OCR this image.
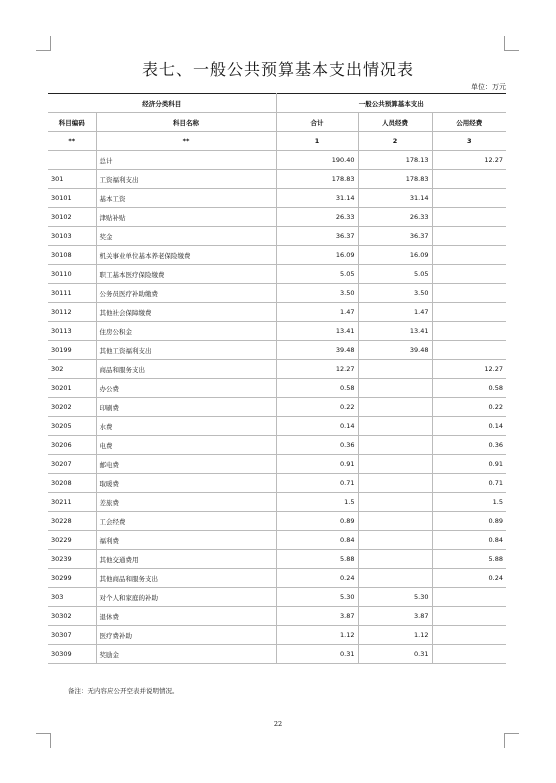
表七、一般公共预算基本支出情况表
单位：万元
经济分类科目		一般公共预算基本支出		
科目编码	科目名称	合计	人员经费	公用经费
**	**	1	2	3
	总计	190.40	178.13	12.27
301	工资福利支出	178.83	178.83	
30101	基本工资	31.14	31.14	
30102	津贴补贴	26.33	26.33	
30103	奖金	36.37	36.37	
30108	机关事业单位基本养老保险缴费	16.09	16.09	
30110	职工基本医疗保险缴费	5.05	5.05	
30111	公务员医疗补助缴费	3.50	3.50	
30112	其他社会保障缴费	1.47	1.47	
30113	住房公积金	13.41	13.41	
30199	其他工资福利支出	39.48	39.48	
302	商品和服务支出	12.27		12.27
30201	办公费	0.58		0.58
30202	印刷费	0.22		0.22
30205	水费	0.14		0.14
30206	电费	0.36		0.36
30207	邮电费	0.91		0.91
30208	取暖费	0.71		0.71
30211	差旅费	1.5		1.5
30228	工会经费	0.89		0.89
30229	福利费	0.84		0.84
30239	其他交通费用	5.88		5.88
30299	其他商品和服务支出	0.24		0.24
303	对个人和家庭的补助	5.30	5.30	
30302	退休费	3.87	3.87	
30307	医疗费补助	1.12	1.12	
30309	奖励金	0.31	0.31	
备注：无内容应公开空表并说明情况。
22
